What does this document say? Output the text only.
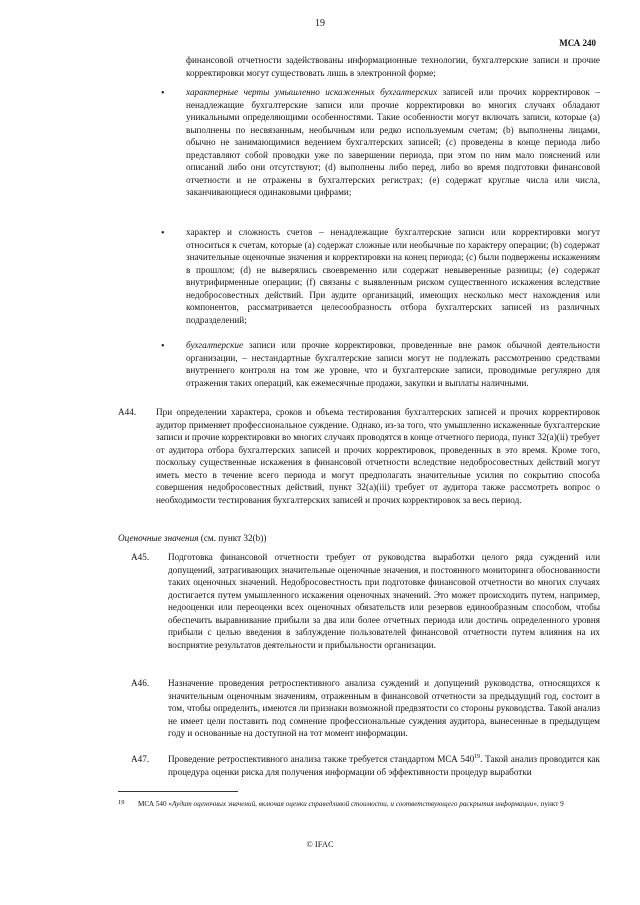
19
МСА 240

финансовой отчетности задействованы информационные технологии, бухгалтерские записи и прочие корректировки могут существовать лишь в электронной форме;

• характерные черты умышленно искаженных бухгалтерских записей или прочих корректировок – ненадлежащие бухгалтерские записи или прочие корректировки во многих случаях обладают уникальными определяющими особенностями. Такие особенности могут включать записи, которые (a) выполнены по несвязанным, необычным или редко используемым счетам; (b) выполнены лицами, обычно не занимающимися ведением бухгалтерских записей; (c) проведены в конце периода либо представляют собой проводки уже по завершении периода, при этом по ним мало пояснений или описаний либо они отсутствуют; (d) выполнены либо перед, либо во время подготовки финансовой отчетности и не отражены в бухгалтерских регистрах; (e) содержат круглые числа или числа, заканчивающиеся одинаковыми цифрами;

• характер и сложность счетов – ненадлежащие бухгалтерские записи или корректировки могут относиться к счетам, которые (a) содержат сложные или необычные по характеру операции; (b) содержат значительные оценочные значения и корректировки на конец периода; (c) были подвержены искажениям в прошлом; (d) не выверялись своевременно или содержат невыверенные разницы; (e) содержат внутрифирменные операции; (f) связаны с выявленным риском существенного искажения вследствие недобросовестных действий. При аудите организаций, имеющих несколько мест нахождения или компонентов, рассматривается целесообразность отбора бухгалтерских записей из различных подразделений;

• бухгалтерские записи или прочие корректировки, проведенные вне рамок обычной деятельности организации, – нестандартные бухгалтерские записи могут не подлежать рассмотрению средствами внутреннего контроля на том же уровне, что и бухгалтерские записи, проводимые регулярно для отражения таких операций, как ежемесячные продажи, закупки и выплаты наличными.

A44. При определении характера, сроков и объема тестирования бухгалтерских записей и прочих корректировок аудитор применяет профессиональное суждение. Однако, из-за того, что умышленно искаженные бухгалтерские записи и прочие корректировки во многих случаях проводятся в конце отчетного периода, пункт 32(a)(ii) требует от аудитора отбора бухгалтерских записей и прочих корректировок, проведенных в это время. Кроме того, поскольку существенные искажения в финансовой отчетности вследствие недобросовестных действий могут иметь место в течение всего периода и могут предполагать значительные усилия по сокрытию способа совершения недобросовестных действий, пункт 32(a)(iii) требует от аудитора также рассмотреть вопрос о необходимости тестирования бухгалтерских записей и прочих корректировок за весь период.

Оценочные значения (см. пункт 32(b))
A45. Подготовка финансовой отчетности требует от руководства выработки целого ряда суждений или допущений, затрагивающих значительные оценочные значения, и постоянного мониторинга обоснованности таких оценочных значений. Недобросовестность при подготовке финансовой отчетности во многих случаях достигается путем умышленного искажения оценочных значений. Это может происходить путем, например, недооценки или переоценки всех оценочных обязательств или резервов единообразным способом, чтобы обеспечить выравнивание прибыли за два или более отчетных периода или достичь определенного уровня прибыли с целью введения в заблуждение пользователей финансовой отчетности путем влияния на их восприятие результатов деятельности и прибыльности организации.

A46. Назначение проведения ретроспективного анализа суждений и допущений руководства, относящихся к значительным оценочным значениям, отраженным в финансовой отчетности за предыдущий год, состоит в том, чтобы определить, имеются ли признаки возможной предвзятости со стороны руководства. Такой анализ не имеет цели поставить под сомнение профессиональные суждения аудитора, вынесенные в предыдущем году и основанные на доступной на тот момент информации.

A47. Проведение ретроспективного анализа также требуется стандартом МСА $540^{19}$. Такой анализ проводится как процедура оценки риска для получения информации об эффективности процедур выработки

19 МСА 540 «Аудит оценочных значений, включая оценки справедливой стоимости, и соответствующего раскрытия информации», пункт 9

© IFAC
